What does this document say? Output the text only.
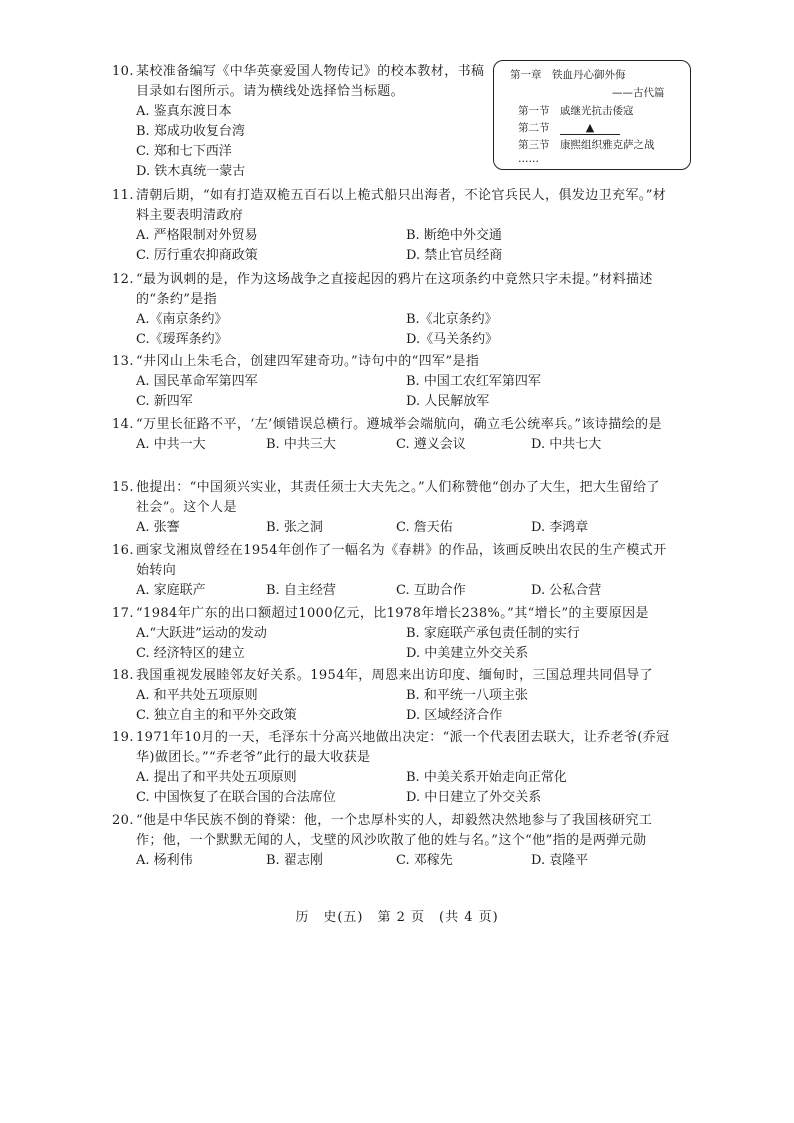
10. 某校准备编写《中华英豪爱国人物传记》的校本教材，书稿目录如右图所示。请为横线处选择恰当标题。

A. 鉴真东渡日本
B. 郑成功收复台湾
C. 郑和七下西洋
D. 铁木真统一蒙古
第一章　铁血丹心御外侮
——古代篇
第一节 戚继光抗击倭寇
第二节	▲
第三节 康熙组织雅克萨之战
……

11. 清朝后期，“如有打造双桅五百石以上桅式船只出海者，不论官兵民人，俱发边卫充军。”材料主要表明清政府

A. 严格限制对外贸易	B. 断绝中外交通
C. 厉行重农抑商政策	D. 禁止官员经商

12. “最为讽刺的是，作为这场战争之直接起因的鸦片在这项条约中竟然只字未提。”材料描述的“条约”是指

A.《南京条约》	B.《北京条约》
C.《瑷珲条约》	D.《马关条约》

13. “井冈山上朱毛合，创建四军建奇功。”诗句中的“四军”是指

A. 国民革命军第四军	B. 中国工农红军第四军
C. 新四军	D. 人民解放军

14. “万里长征路不平，‘左’倾错误总横行。遵城举会端航向，确立毛公统率兵。”该诗描绘的是

A. 中共一大	B. 中共三大	C. 遵义会议	D. 中共七大

15. 他提出：“中国须兴实业，其责任须士大夫先之。”人们称赞他“创办了大生，把大生留给了社会”。这个人是

A. 张謇	B. 张之洞	C. 詹天佑	D. 李鸿章

16. 画家戈湘岚曾经在1954年创作了一幅名为《春耕》的作品，该画反映出农民的生产模式开始转向

A. 家庭联产	B. 自主经营	C. 互助合作	D. 公私合营

17. “1984年广东的出口额超过1000亿元，比1978年增长238%。”其“增长”的主要原因是

A.“大跃进”运动的发动	B. 家庭联产承包责任制的实行
C. 经济特区的建立	D. 中美建立外交关系

18. 我国重视发展睦邻友好关系。1954年，周恩来出访印度、缅甸时，三国总理共同倡导了

A. 和平共处五项原则	B. 和平统一八项主张
C. 独立自主的和平外交政策	D. 区域经济合作

19. 1971年10月的一天，毛泽东十分高兴地做出决定：“派一个代表团去联大，让乔老爷(乔冠华)做团长。”“乔老爷”此行的最大收获是

A. 提出了和平共处五项原则	B. 中美关系开始走向正常化
C. 中国恢复了在联合国的合法席位	D. 中日建立了外交关系

20. “他是中华民族不倒的脊梁：他，一个忠厚朴实的人，却毅然决然地参与了我国核研究工作；他，一个默默无闻的人，戈壁的风沙吹散了他的姓与名。”这个“他”指的是两弹元勋

A. 杨利伟	B. 翟志刚	C. 邓稼先	D. 袁隆平
历　史(五)　第 2 页　(共 4 页)
